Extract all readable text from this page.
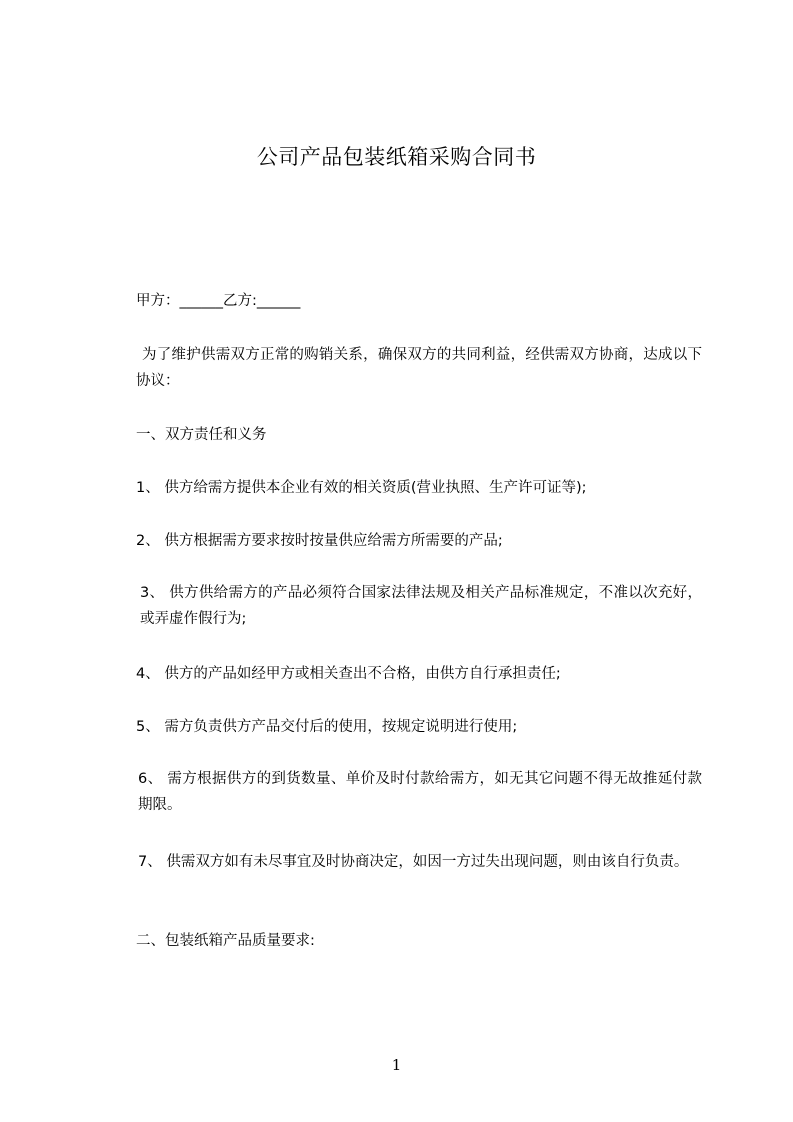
公司产品包装纸箱采购合同书
甲方：______乙方:______
为了维护供需双方正常的购销关系，确保双方的共同利益，经供需双方协商，达成以下协议：
一、双方责任和义务
1、 供方给需方提供本企业有效的相关资质(营业执照、生产许可证等);
2、 供方根据需方要求按时按量供应给需方所需要的产品;
3、 供方供给需方的产品必须符合国家法律法规及相关产品标准规定，不准以次充好，或弄虚作假行为;
4、 供方的产品如经甲方或相关查出不合格，由供方自行承担责任;
5、 需方负责供方产品交付后的使用，按规定说明进行使用;
6、 需方根据供方的到货数量、单价及时付款给需方，如无其它问题不得无故推延付款期限。
7、 供需双方如有未尽事宜及时协商决定，如因一方过失出现问题，则由该自行负责。
二、包装纸箱产品质量要求:
1
